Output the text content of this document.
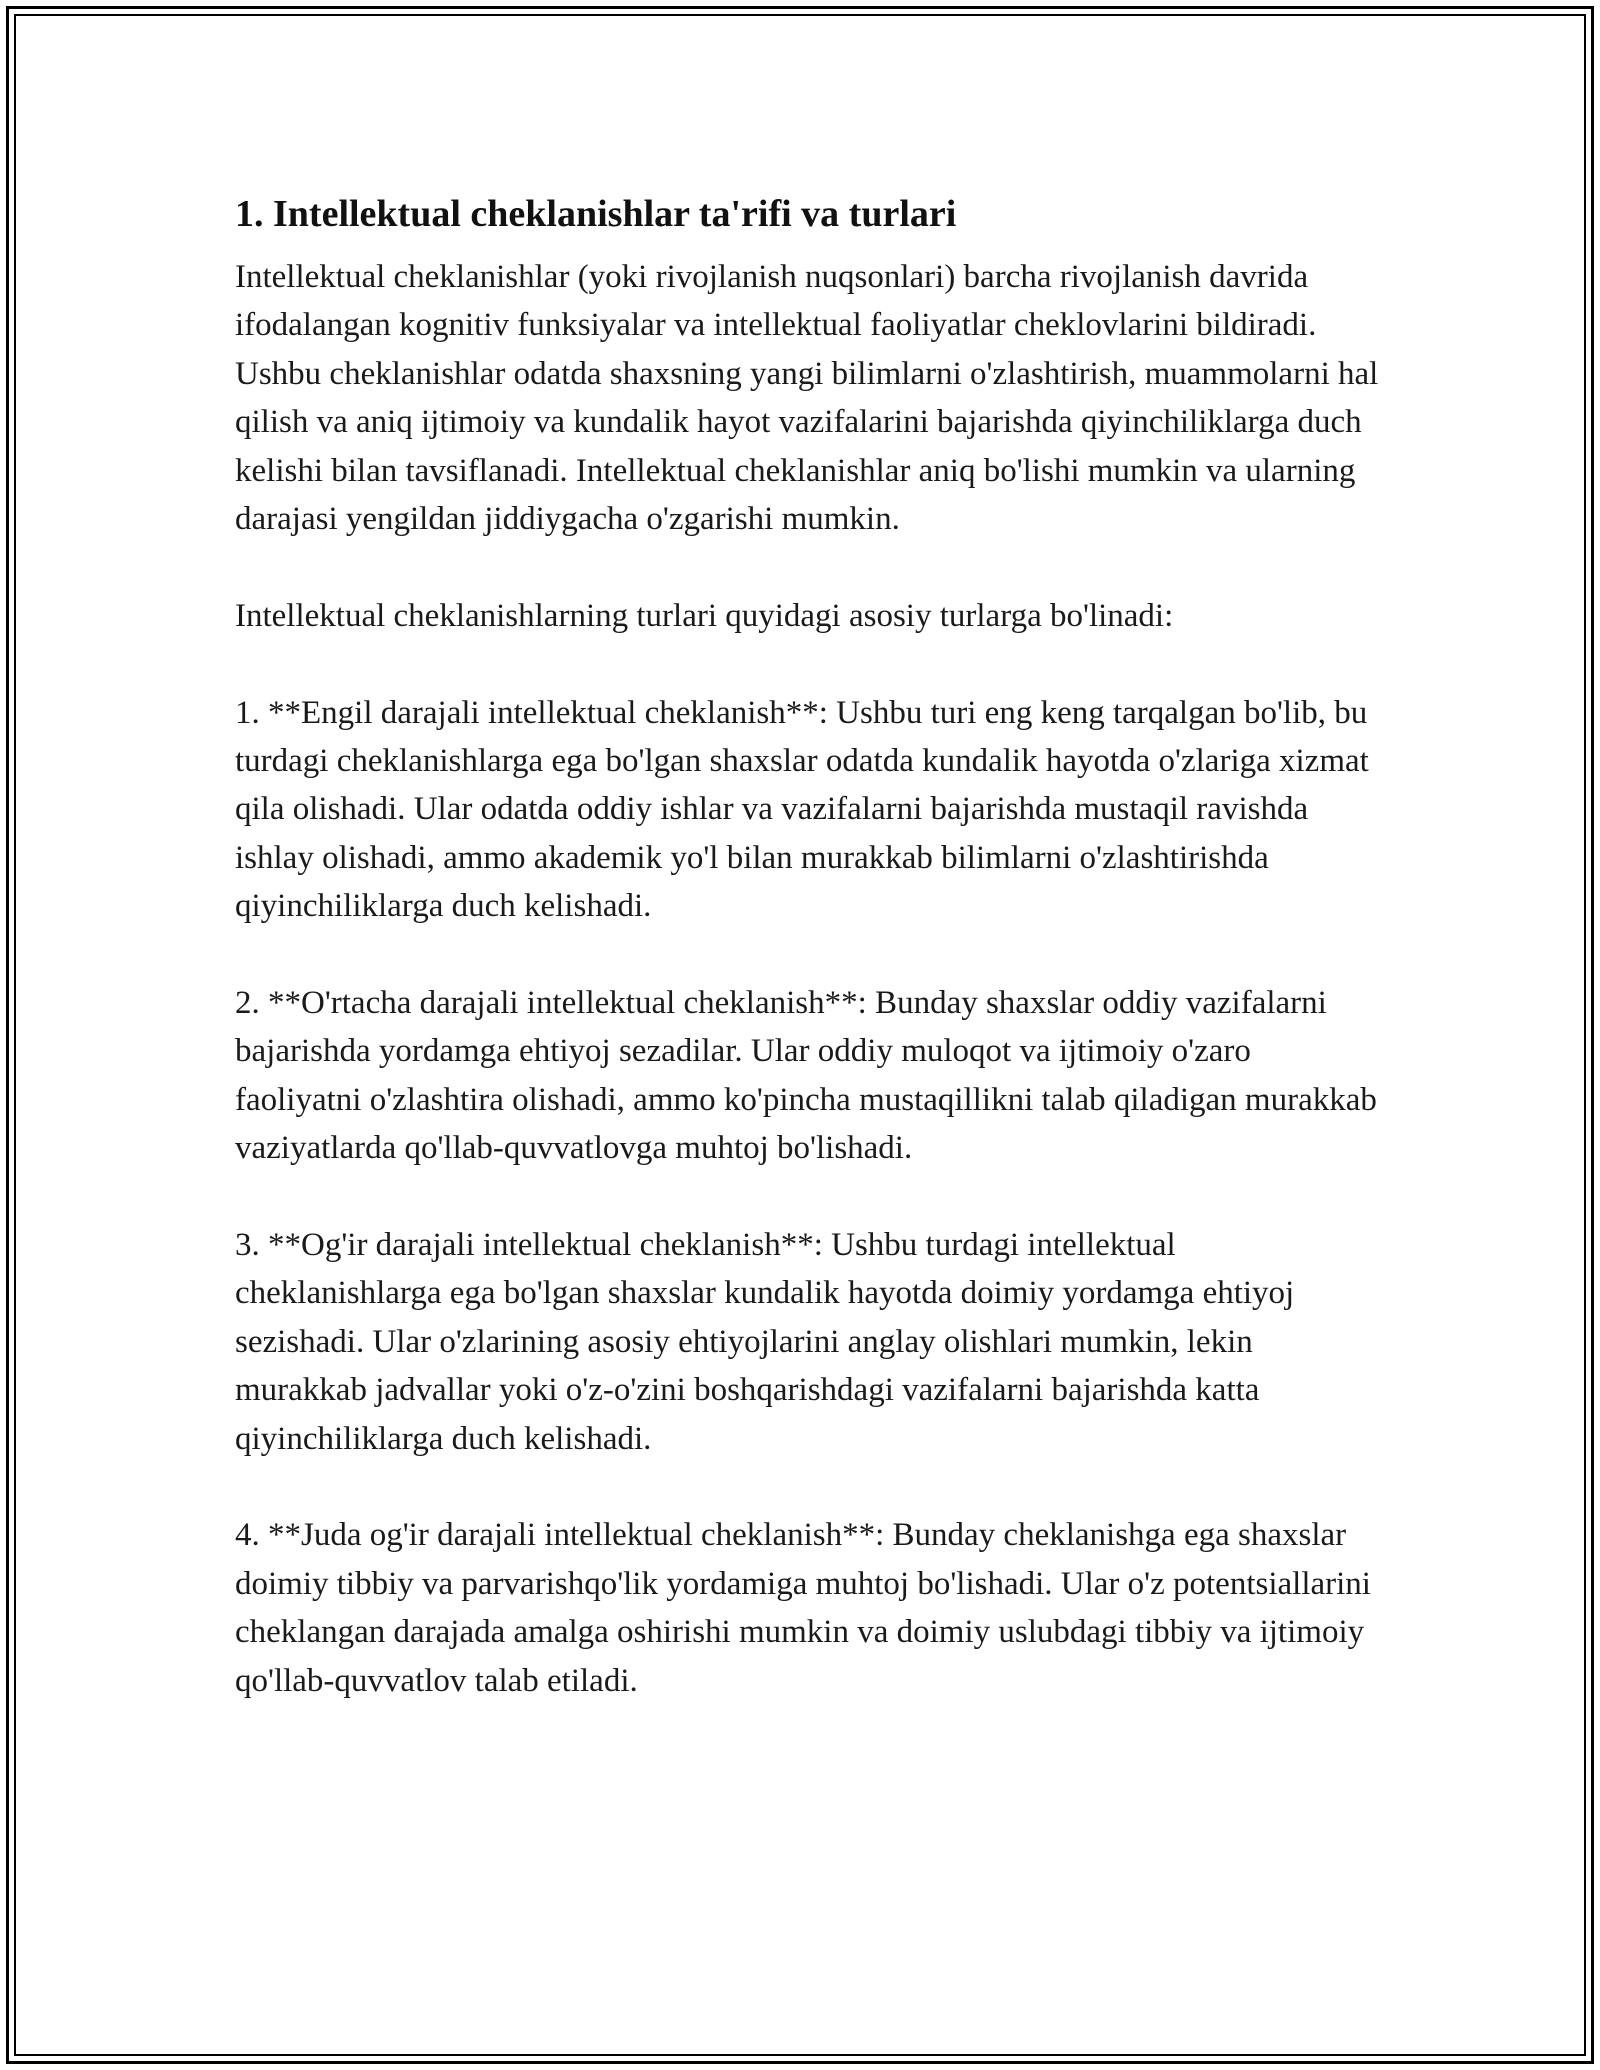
1. Intellektual cheklanishlar ta'rifi va turlari

Intellektual cheklanishlar (yoki rivojlanish nuqsonlari) barcha rivojlanish davrida ifodalangan kognitiv funksiyalar va intellektual faoliyatlar cheklovlarini bildiradi. Ushbu cheklanishlar odatda shaxsning yangi bilimlarni o'zlashtirish, muammolarni hal qilish va aniq ijtimoiy va kundalik hayot vazifalarini bajarishda qiyinchiliklarga duch kelishi bilan tavsiflanadi. Intellektual cheklanishlar aniq bo'lishi mumkin va ularning darajasi yengildan jiddiygacha o'zgarishi mumkin.

Intellektual cheklanishlarning turlari quyidagi asosiy turlarga bo'linadi:

1. **Engil darajali intellektual cheklanish**: Ushbu turi eng keng tarqalgan bo'lib, bu turdagi cheklanishlarga ega bo'lgan shaxslar odatda kundalik hayotda o'zlariga xizmat qila olishadi. Ular odatda oddiy ishlar va vazifalarni bajarishda mustaqil ravishda ishlay olishadi, ammo akademik yo'l bilan murakkab bilimlarni o'zlashtirishda qiyinchiliklarga duch kelishadi.

2. **O'rtacha darajali intellektual cheklanish**: Bunday shaxslar oddiy vazifalarni bajarishda yordamga ehtiyoj sezadilar. Ular oddiy muloqot va ijtimoiy o'zaro faoliyatni o'zlashtira olishadi, ammo ko'pincha mustaqillikni talab qiladigan murakkab vaziyatlarda qo'llab-quvvatlovga muhtoj bo'lishadi.

3. **Og'ir darajali intellektual cheklanish**: Ushbu turdagi intellektual cheklanishlarga ega bo'lgan shaxslar kundalik hayotda doimiy yordamga ehtiyoj sezishadi. Ular o'zlarining asosiy ehtiyojlarini anglay olishlari mumkin, lekin murakkab jadvallar yoki o'z-o'zini boshqarishdagi vazifalarni bajarishda katta qiyinchiliklarga duch kelishadi.

4. **Juda og'ir darajali intellektual cheklanish**: Bunday cheklanishga ega shaxslar doimiy tibbiy va parvarishqo'lik yordamiga muhtoj bo'lishadi. Ular o'z potentsiallarini cheklangan darajada amalga oshirishi mumkin va doimiy uslubdagi tibbiy va ijtimoiy qo'llab-quvvatlov talab etiladi.
